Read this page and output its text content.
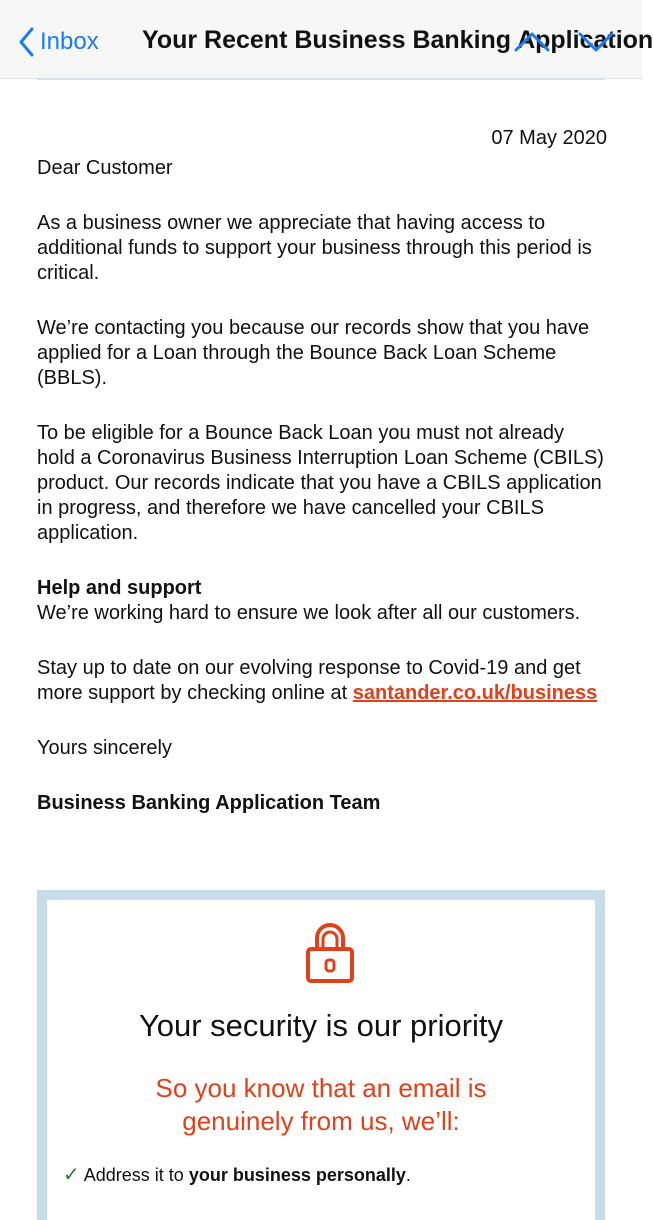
Inbox Your Recent Business Banking Application

07 May 2020

Dear Customer

As a business owner we appreciate that having access to additional funds to support your business through this period is critical.

We’re contacting you because our records show that you have applied for a Loan through the Bounce Back Loan Scheme (BBLS).

To be eligible for a Bounce Back Loan you must not already hold a Coronavirus Business Interruption Loan Scheme (CBILS) product. Our records indicate that you have a CBILS application in progress, and therefore we have cancelled your CBILS application.

Help and support

We’re working hard to ensure we look after all our customers.

Stay up to date on our evolving response to Covid-19 and get more support by checking online at santander.co.uk/business

Yours sincerely

Business Banking Application Team

Your security is our priority
So you know that an email is genuinely from us, we’ll:
✓ Address it to your business personally.
